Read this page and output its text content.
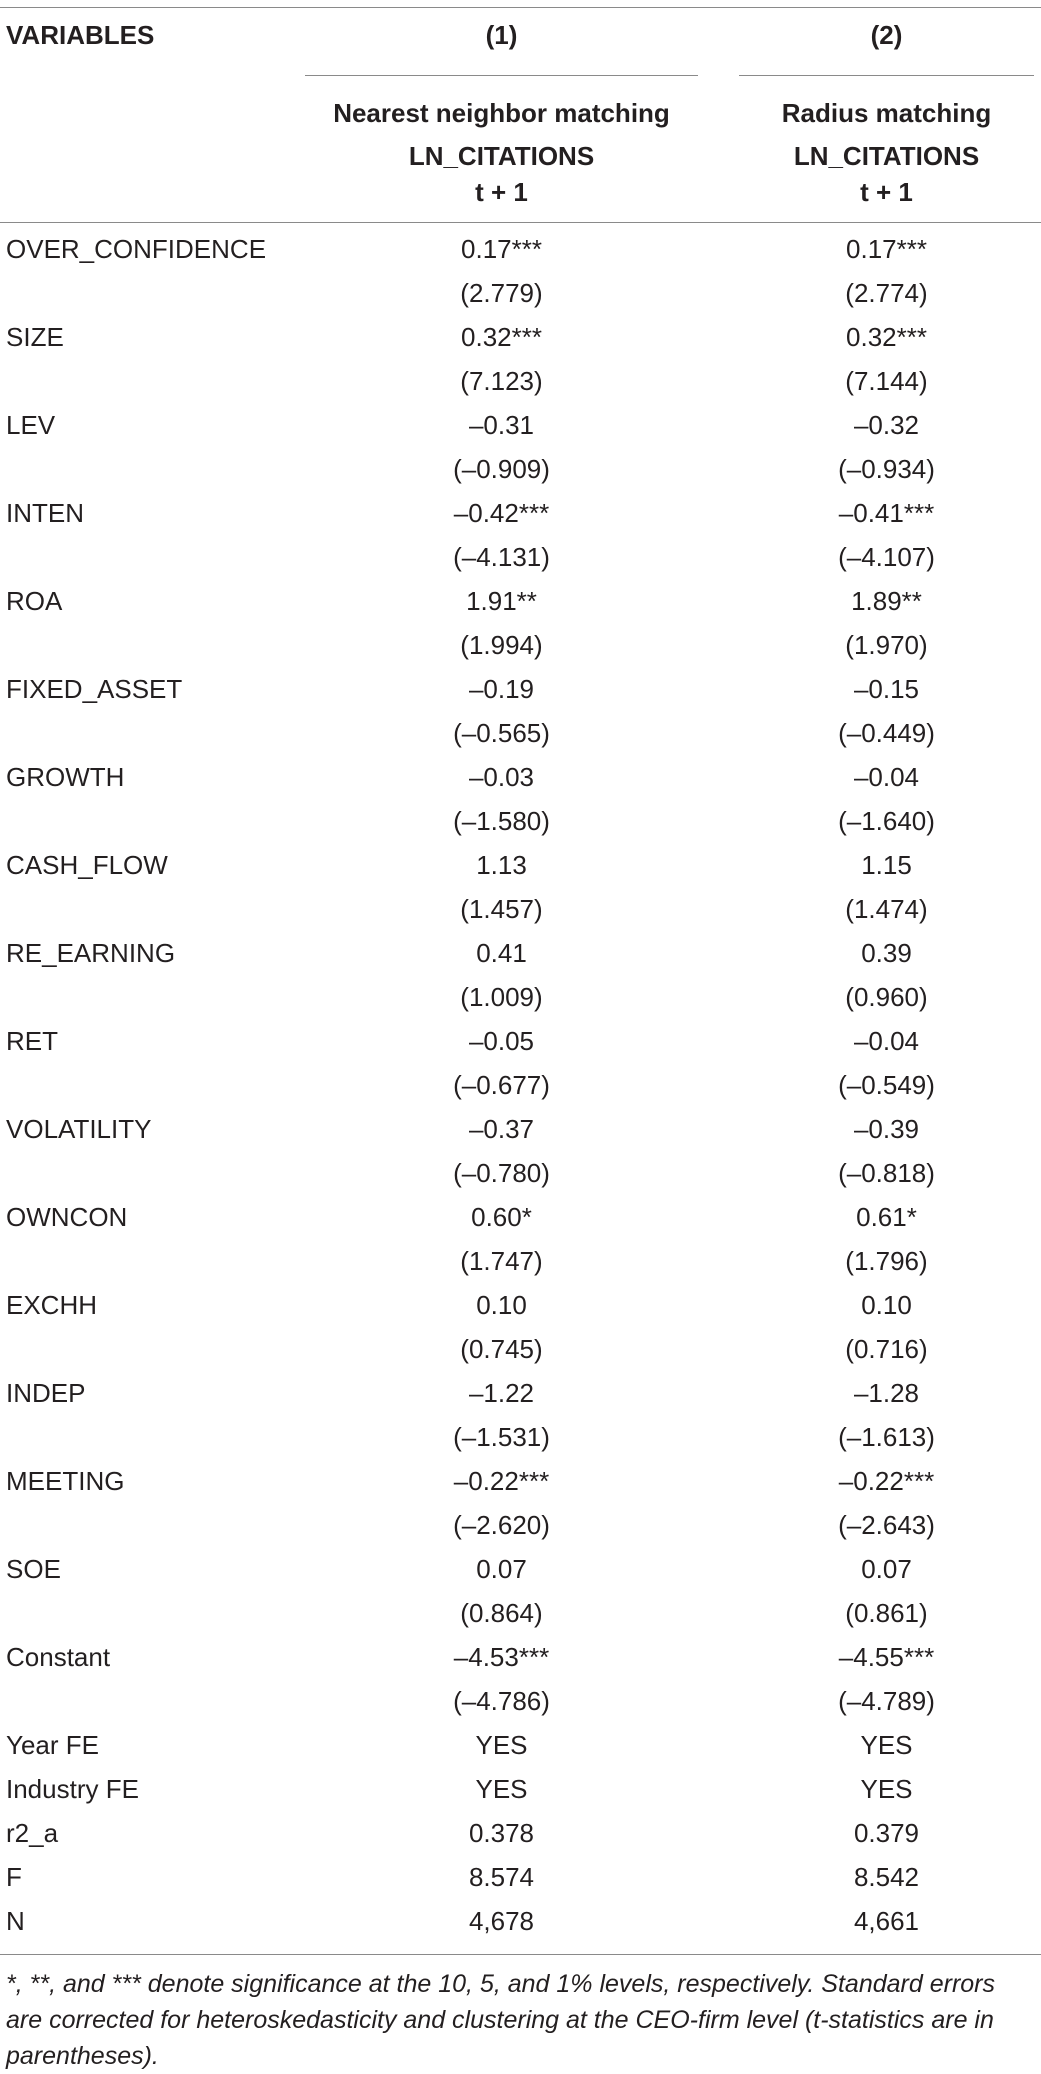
VARIABLES	(1)	(2)
Nearest neighbor matching	Radius matching
LN_CITATIONS	LN_CITATIONS
t + 1	t + 1
OVER_CONFIDENCE	0.17***	0.17***
(2.779)	(2.774)
SIZE	0.32***	0.32***
(7.123)	(7.144)
LEV	–0.31	–0.32
(–0.909)	(–0.934)
INTEN	–0.42***	–0.41***
(–4.131)	(–4.107)
ROA	1.91**	1.89**
(1.994)	(1.970)
FIXED_ASSET	–0.19	–0.15
(–0.565)	(–0.449)
GROWTH	–0.03	–0.04
(–1.580)	(–1.640)
CASH_FLOW	1.13	1.15
(1.457)	(1.474)
RE_EARNING	0.41	0.39
(1.009)	(0.960)
RET	–0.05	–0.04
(–0.677)	(–0.549)
VOLATILITY	–0.37	–0.39
(–0.780)	(–0.818)
OWNCON	0.60*	0.61*
(1.747)	(1.796)
EXCHH	0.10	0.10
(0.745)	(0.716)
INDEP	–1.22	–1.28
(–1.531)	(–1.613)
MEETING	–0.22***	–0.22***
(–2.620)	(–2.643)
SOE	0.07	0.07
(0.864)	(0.861)
Constant	–4.53***	–4.55***
(–4.786)	(–4.789)
Year FE	YES	YES
Industry FE	YES	YES
r2_a	0.378	0.379
F	8.574	8.542
N	4,678	4,661
*, **, and *** denote significance at the 10, 5, and 1% levels, respectively. Standard errors are corrected for heteroskedasticity and clustering at the CEO-firm level (t-statistics are in parentheses).
